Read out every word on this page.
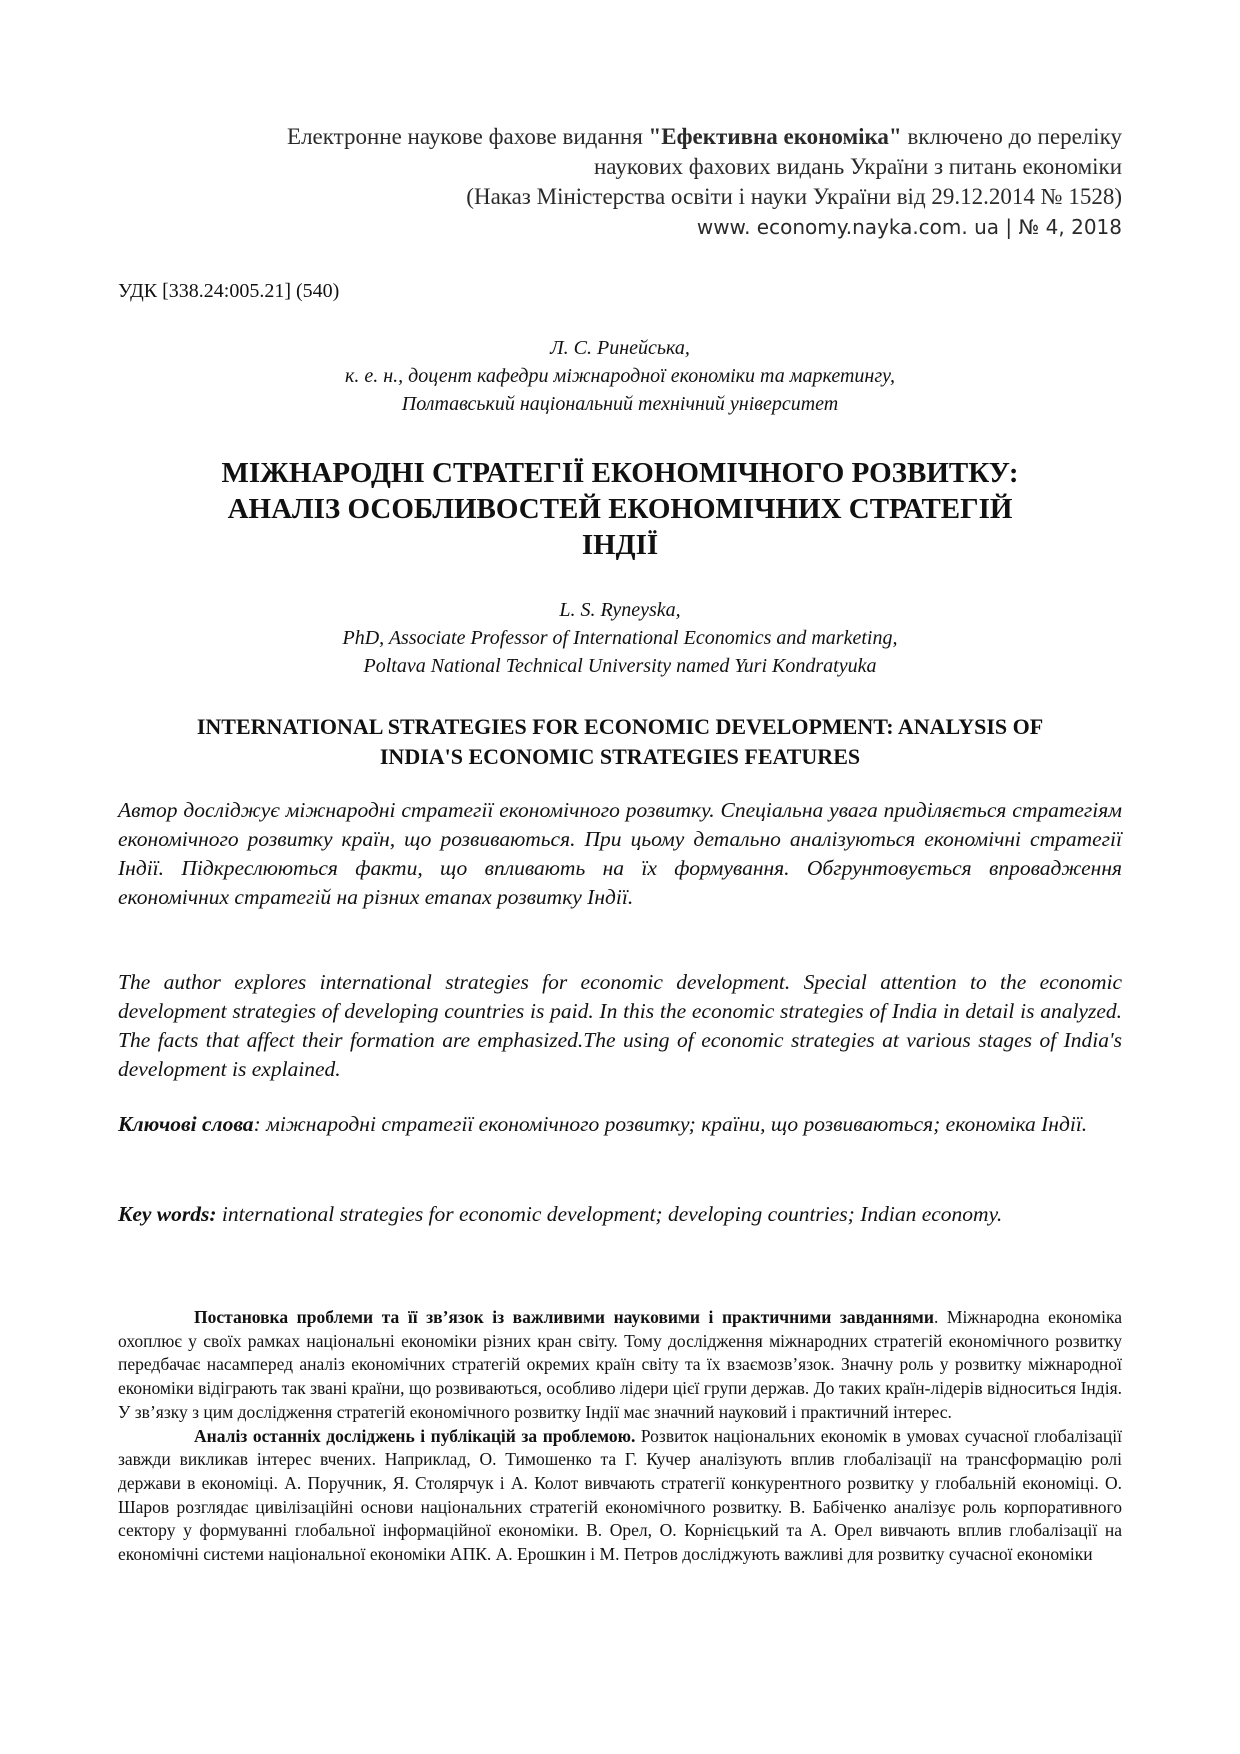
Електронне наукове фахове видання "Ефективна економіка" включено до переліку
наукових фахових видань України з питань економіки
(Наказ Міністерства освіти і науки України від 29.12.2014 № 1528)
www. economy.nayka.com. ua | № 4, 2018
УДК [338.24:005.21] (540)
Л. С. Ринейська,
к. е. н., доцент кафедри міжнародної економіки та маркетингу,
Полтавський національний технічний університет
МІЖНАРОДНІ СТРАТЕГІЇ ЕКОНОМІЧНОГО РОЗВИТКУ:
АНАЛІЗ ОСОБЛИВОСТЕЙ ЕКОНОМІЧНИХ СТРАТЕГІЙ
ІНДІЇ
L. S. Ryneyska,
PhD, Associate Professor of International Economics and marketing,
Poltava National Technical University named Yuri Kondratyuka
INTERNATIONAL STRATEGIES FOR ECONOMIC DEVELOPMENT: ANALYSIS OF
INDIA'S ECONOMIC STRATEGIES FEATURES
Автор досліджує міжнародні стратегії економічного розвитку. Спеціальна увага приділяється стратегіям економічного розвитку країн, що розвиваються. При цьому детально аналізуються економічні стратегії Індії. Підкреслюються факти, що впливають на їх формування. Обгрунтовується впровадження економічних стратегій на різних етапах розвитку Індії.
The author explores international strategies for economic development. Special attention to the economic development strategies of developing countries is paid. In this the economic strategies of India in detail is analyzed. The facts that affect their formation are emphasized.The using of economic strategies at various stages of India's development is explained.
Ключові слова: міжнародні стратегії економічного розвитку; країни, що розвиваються; економіка Індії.
Key words: international strategies for economic development; developing countries; Indian economy.

Постановка проблеми та її зв’язок із важливими науковими і практичними завданнями. Міжнародна економіка охоплює у своїх рамках національні економіки різних кран світу. Тому дослідження міжнародних стратегій економічного розвитку передбачає насамперед аналіз економічних стратегій окремих країн світу та їх взаємозв’язок. Значну роль у розвитку міжнародної економіки відіграють так звані країни, що розвиваються, особливо лідери цієї групи держав. До таких країн-лідерів відноситься Індія. У зв’язку з цим дослідження стратегій економічного розвитку Індії має значний науковий і практичний інтерес.

Аналіз останніх досліджень і публікацій за проблемою. Розвиток національних економік в умовах сучасної глобалізації завжди викликав інтерес вчених. Наприклад, О. Тимошенко та Г. Кучер аналізують вплив глобалізації на трансформацію ролі держави в економіці. А. Поручник, Я. Столярчук і А. Колот вивчають стратегії конкурентного розвитку у глобальній економіці. О. Шаров розглядає цивілізаційні основи національних стратегій економічного розвитку. В. Бабіченко аналізує роль корпоративного сектору у формуванні глобальної інформаційної економіки. В. Орел, О. Корнієцький та А. Орел вивчають вплив глобалізації на економічні системи національної економіки АПК. А. Ерошкин і М. Петров досліджують важливі для розвитку сучасної економіки
